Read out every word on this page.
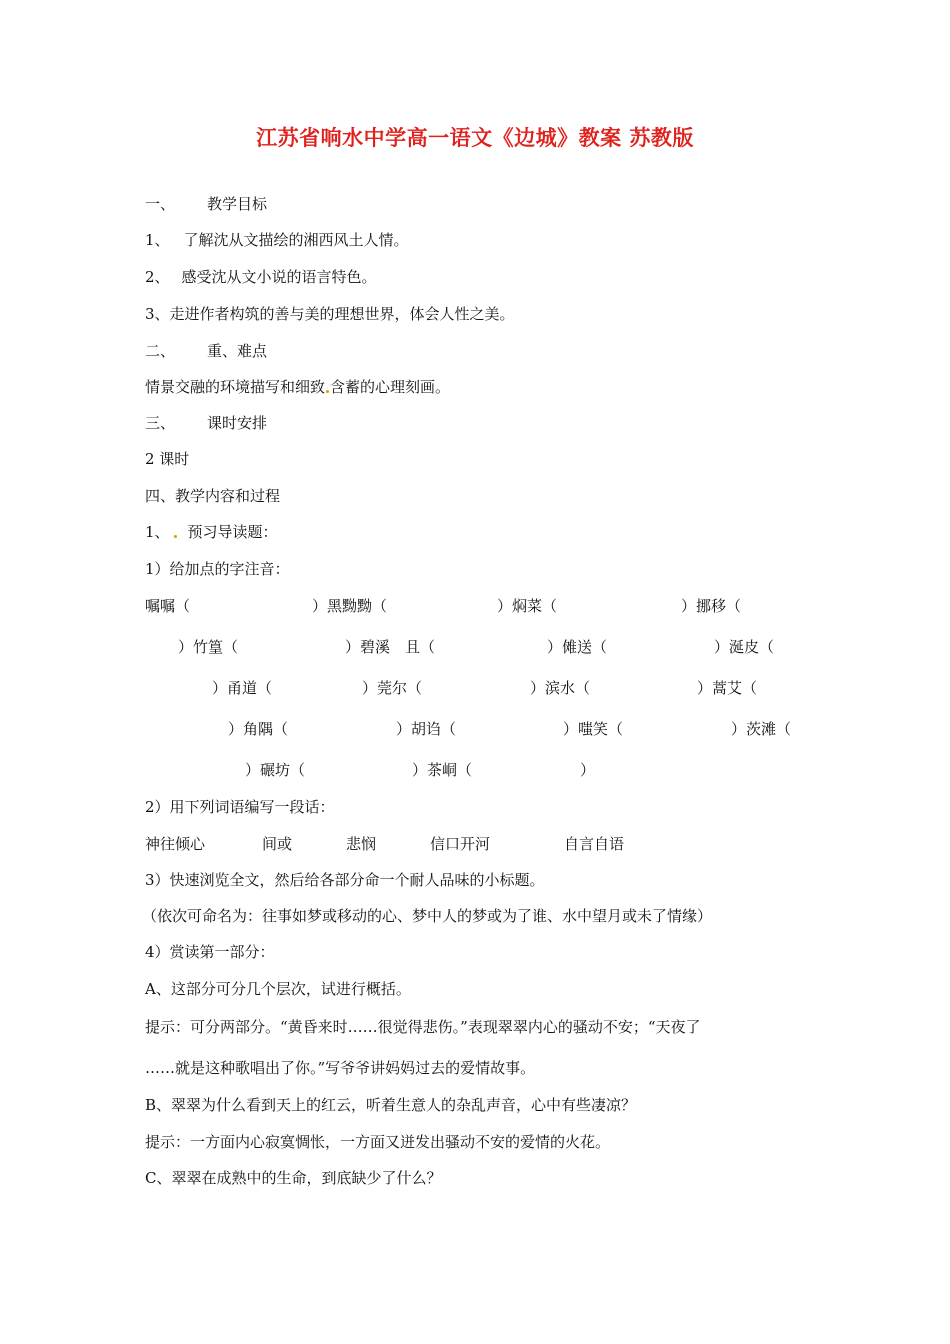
江苏省响水中学高一语文《边城》教案 苏教版
一、 教学目标
1、 了解沈从文描绘的湘西风土人情。
2、 感受沈从文小说的语言特色。
3、走进作者构筑的善与美的理想世界，体会人性之美。
二、 重、难点
情景交融的环境描写和细致 含蓄的心理刻画。
三、 课时安排
2 课时
四、教学内容和过程
1、 预习导读题：
1）给加点的字注音：
嘱嘱（	）黑黝黝（	）焖菜（	）挪移（
）竹篁（	）碧溪　且（	）傩送（	）涎皮（
）甬道（	）莞尔（	）滨水（	）蒿艾（
）角隅（	）胡诌（	）嗤笑（	）茨滩（
）碾坊（	）茶峒（	）
2）用下列词语编写一段话：
神往倾心	间或	悲悯	信口开河	自言自语
3）快速浏览全文，然后给各部分命一个耐人品味的小标题。
（依次可命名为：往事如梦或移动的心、梦中人的梦或为了谁、水中望月或未了情缘）
4）赏读第一部分：
A、这部分可分几个层次，试进行概括。
提示：可分两部分。“黄昏来时……很觉得悲伤。”表现翠翠内心的骚动不安；“天夜了
……就是这种歌唱出了你。”写爷爷讲妈妈过去的爱情故事。
B、翠翠为什么看到天上的红云，听着生意人的杂乱声音，心中有些凄凉？
提示：一方面内心寂寞惆怅，一方面又迸发出骚动不安的爱情的火花。
C、翠翠在成熟中的生命，到底缺少了什么？
